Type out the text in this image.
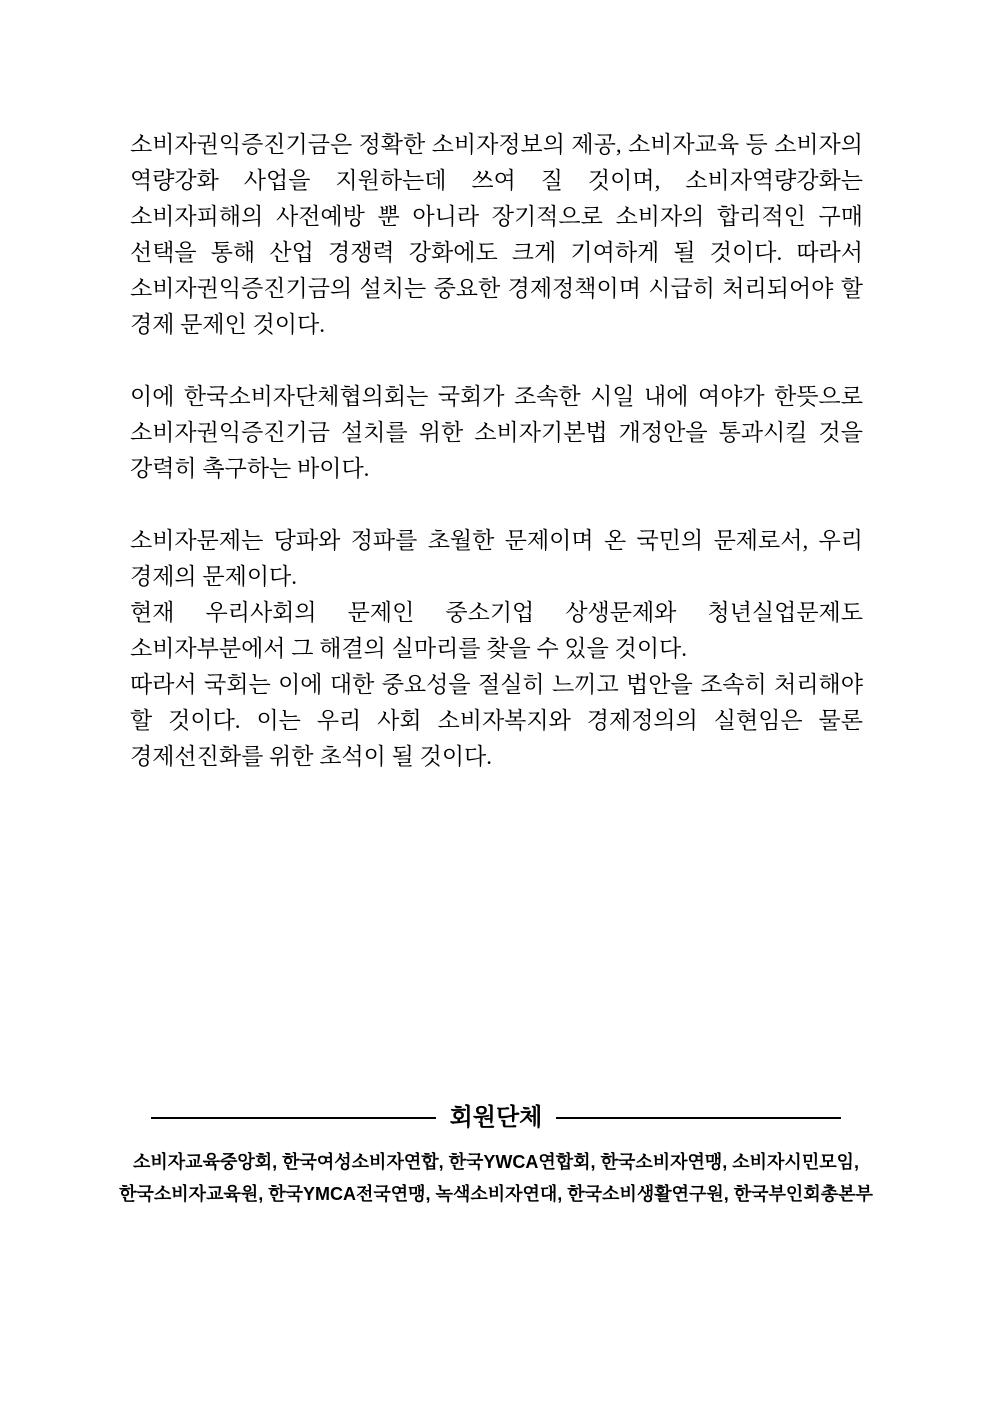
소비자권익증진기금은 정확한 소비자정보의 제공, 소비자교육 등 소비자의 역량강화 사업을 지원하는데 쓰여 질 것이며, 소비자역량강화는 소비자피해의 사전예방 뿐 아니라 장기적으로 소비자의 합리적인 구매 선택을 통해 산업 경쟁력 강화에도 크게 기여하게 될 것이다. 따라서 소비자권익증진기금의 설치는 중요한 경제정책이며 시급히 처리되어야 할 경제 문제인 것이다.

이에 한국소비자단체협의회는 국회가 조속한 시일 내에 여야가 한뜻으로 소비자권익증진기금 설치를 위한 소비자기본법 개정안을 통과시킬 것을 강력히 촉구하는 바이다.

소비자문제는 당파와 정파를 초월한 문제이며 온 국민의 문제로서, 우리 경제의 문제이다.

현재 우리사회의 문제인 중소기업 상생문제와 청년실업문제도 소비자부분에서 그 해결의 실마리를 찾을 수 있을 것이다.

따라서 국회는 이에 대한 중요성을 절실히 느끼고 법안을 조속히 처리해야 할 것이다. 이는 우리 사회 소비자복지와 경제정의의 실현임은 물론 경제선진화를 위한 초석이 될 것이다.

회원단체
소비자교육중앙회, 한국여성소비자연합, 한국YWCA연합회, 한국소비자연맹, 소비자시민모임,
한국소비자교육원, 한국YMCA전국연맹, 녹색소비자연대, 한국소비생활연구원, 한국부인회총본부
